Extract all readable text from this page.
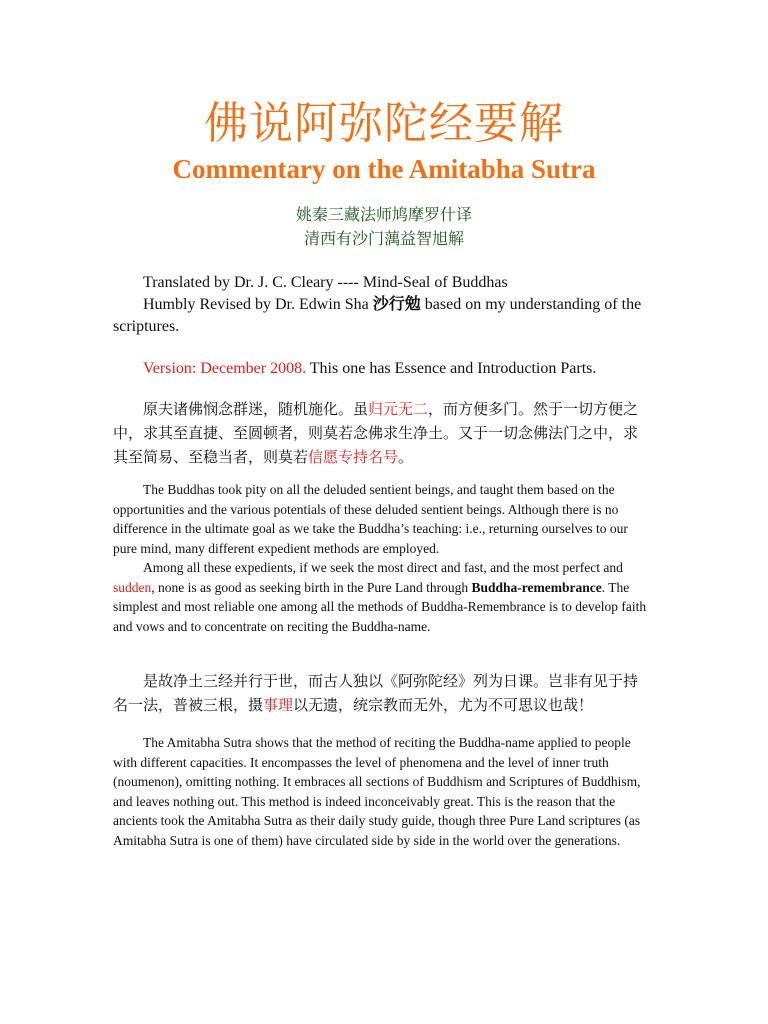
佛说阿弥陀经要解
Commentary on the Amitabha Sutra
姚秦三藏法师鸠摩罗什译
清西有沙门蕅益智旭解

Translated by Dr. J. C. Cleary ---- Mind-Seal of Buddhas

Humbly Revised by Dr. Edwin Sha 沙行勉 based on my understanding of the scriptures.

Version: December 2008. This one has Essence and Introduction Parts.

原夫诸佛悯念群迷，随机施化。虽归元无二，而方便多门。然于一切方便之中，求其至直捷、至圆顿者，则莫若念佛求生净土。又于一切念佛法门之中，求其至简易、至稳当者，则莫若信愿专持名号。

The Buddhas took pity on all the deluded sentient beings, and taught them based on the opportunities and the various potentials of these deluded sentient beings. Although there is no difference in the ultimate goal as we take the Buddha’s teaching: i.e., returning ourselves to our pure mind, many different expedient methods are employed.

Among all these expedients, if we seek the most direct and fast, and the most perfect and sudden, none is as good as seeking birth in the Pure Land through Buddha-remembrance. The simplest and most reliable one among all the methods of Buddha-Remembrance is to develop faith and vows and to concentrate on reciting the Buddha-name.

是故净土三经并行于世，而古人独以《阿弥陀经》列为日课。岂非有见于持名一法，普被三根，摄事理以无遗，统宗教而无外，尤为不可思议也哉！

The Amitabha Sutra shows that the method of reciting the Buddha-name applied to people with different capacities. It encompasses the level of phenomena and the level of inner truth (noumenon), omitting nothing. It embraces all sections of Buddhism and Scriptures of Buddhism, and leaves nothing out. This method is indeed inconceivably great. This is the reason that the ancients took the Amitabha Sutra as their daily study guide, though three Pure Land scriptures (as Amitabha Sutra is one of them) have circulated side by side in the world over the generations.
